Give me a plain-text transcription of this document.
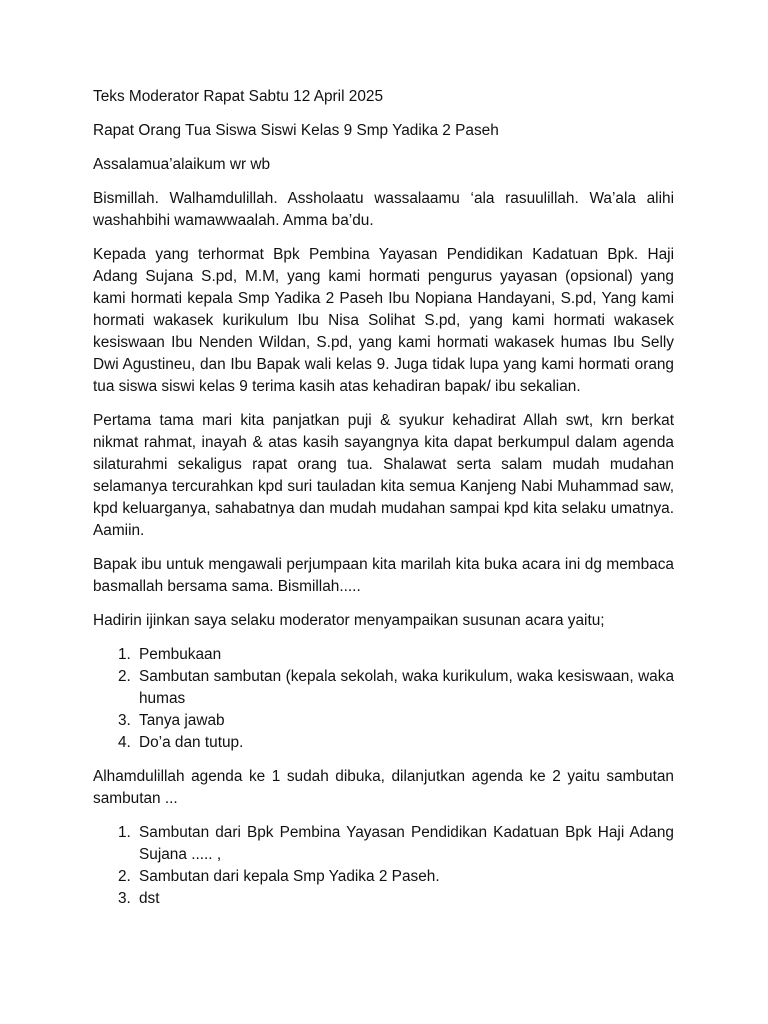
Teks Moderator Rapat Sabtu 12 April 2025

Rapat Orang Tua Siswa Siswi Kelas 9 Smp Yadika 2 Paseh

Assalamua’alaikum wr wb

Bismillah. Walhamdulillah. Assholaatu wassalaamu ‘ala rasuulillah. Wa’ala alihi washahbihi wamawwaalah. Amma ba’du.

Kepada yang terhormat Bpk Pembina Yayasan Pendidikan Kadatuan Bpk. Haji Adang Sujana S.pd, M.M, yang kami hormati pengurus yayasan (opsional) yang kami hormati kepala Smp Yadika 2 Paseh Ibu Nopiana Handayani, S.pd, Yang kami hormati wakasek kurikulum Ibu Nisa Solihat S.pd, yang kami hormati wakasek kesiswaan Ibu Nenden Wildan, S.pd, yang kami hormati wakasek humas Ibu Selly Dwi Agustineu, dan Ibu Bapak wali kelas 9. Juga tidak lupa yang kami hormati orang tua siswa siswi kelas 9 terima kasih atas kehadiran bapak/ ibu sekalian.

Pertama tama mari kita panjatkan puji & syukur kehadirat Allah swt, krn berkat nikmat rahmat, inayah & atas kasih sayangnya kita dapat berkumpul dalam agenda silaturahmi sekaligus rapat orang tua. Shalawat serta salam mudah mudahan selamanya tercurahkan kpd suri tauladan kita semua Kanjeng Nabi Muhammad saw, kpd keluarganya, sahabatnya dan mudah mudahan sampai kpd kita selaku umatnya. Aamiin.

Bapak ibu untuk mengawali perjumpaan kita marilah kita buka acara ini dg membaca basmallah bersama sama. Bismillah.....

Hadirin ijinkan saya selaku moderator menyampaikan susunan acara yaitu;

1. Pembukaan
2. Sambutan sambutan (kepala sekolah, waka kurikulum, waka kesiswaan, waka humas
3. Tanya jawab
4. Do’a dan tutup.

Alhamdulillah agenda ke 1 sudah dibuka, dilanjutkan agenda ke 2 yaitu sambutan sambutan ...

1. Sambutan dari Bpk Pembina Yayasan Pendidikan Kadatuan Bpk Haji Adang Sujana ..... ,
2. Sambutan dari kepala Smp Yadika 2 Paseh.
3. dst
